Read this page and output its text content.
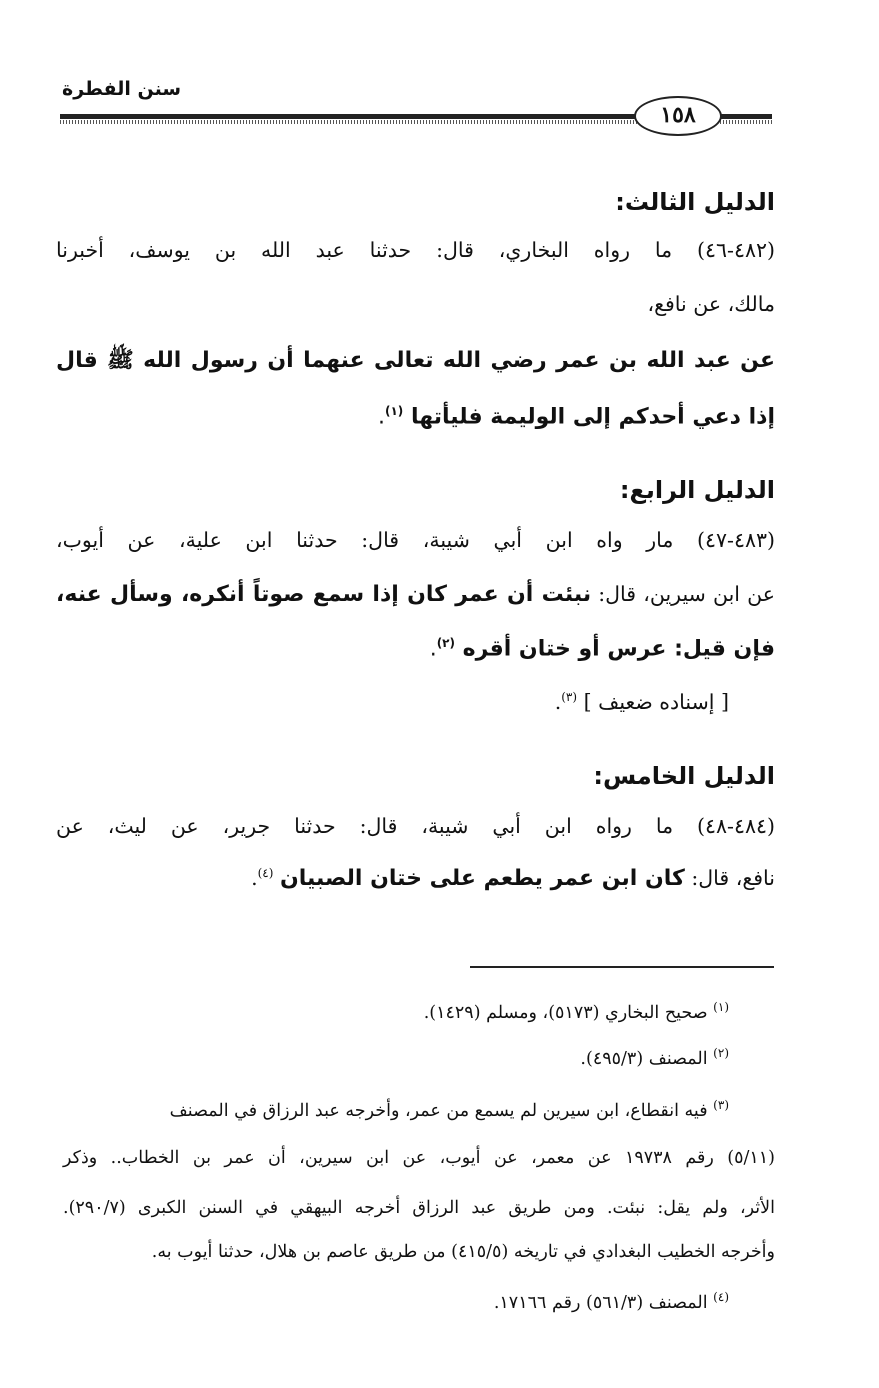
سنن الفطرة
١٥٨
الدليل الثالث:
(٤٨٢-٤٦) ما رواه البخاري، قال: حدثنا عبد الله بن يوسف، أخبرنا
مالك، عن نافع،
عن عبد الله بن عمر رضي الله تعالى عنهما أن رسول الله ﷺ قال
إذا دعي أحدكم إلى الوليمة فليأتها $^{(١)}$.
الدليل الرابع:
(٤٨٣-٤٧) مار واه ابن أبي شيبة، قال: حدثنا ابن علية، عن أيوب،
عن ابن سيرين، قال: نبئت أن عمر كان إذا سمع صوتاً أنكره، وسأل عنه،
فإن قيل: عرس أو ختان أقره $^{(٢)}$.
[ إسناده ضعيف ] $^{(٣)}$.
الدليل الخامس:
(٤٨٤-٤٨) ما رواه ابن أبي شيبة، قال: حدثنا جرير، عن ليث، عن
نافع، قال: كان ابن عمر يطعم على ختان الصبيان $^{(٤)}$.
$^{(١)}$ صحيح البخاري (٥١٧٣)، ومسلم (١٤٢٩).
$^{(٢)}$ المصنف (٤٩٥/٣).
$^{(٣)}$ فيه انقطاع، ابن سيرين لم يسمع من عمر، وأخرجه عبد الرزاق في المصنف
(٥/١١) رقم ١٩٧٣٨ عن معمر، عن أيوب، عن ابن سيرين، أن عمر بن الخطاب.. وذكر
الأثر، ولم يقل: نبئت. ومن طريق عبد الرزاق أخرجه البيهقي في السنن الكبرى (٢٩٠/٧).
وأخرجه الخطيب البغدادي في تاريخه (٤١٥/٥) من طريق عاصم بن هلال، حدثنا أيوب به.
$^{(٤)}$ المصنف (٥٦١/٣) رقم ١٧١٦٦.
